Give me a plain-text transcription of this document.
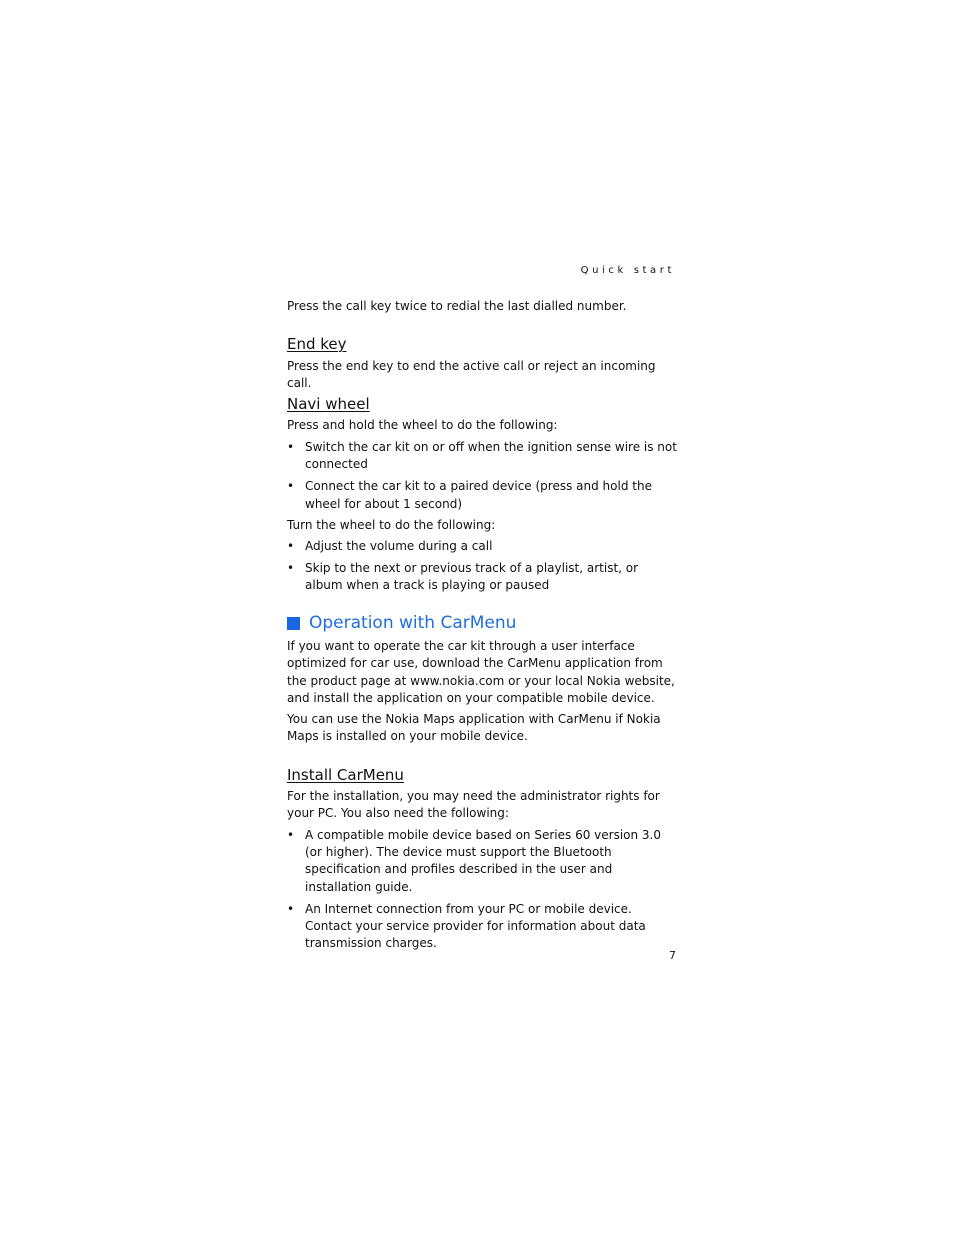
Quick start

Press the call key twice to redial the last dialled number.

End key

Press the end key to end the active call or reject an incoming call.

Navi wheel

Press and hold the wheel to do the following:

• Switch the car kit on or off when the ignition sense wire is not connected
• Connect the car kit to a paired device (press and hold the wheel for about 1 second)

Turn the wheel to do the following:

• Adjust the volume during a call
• Skip to the next or previous track of a playlist, artist, or album when a track is playing or paused
Operation with CarMenu

If you want to operate the car kit through a user interface optimized for car use, download the CarMenu application from the product page at www.nokia.com or your local Nokia website, and install the application on your compatible mobile device.

You can use the Nokia Maps application with CarMenu if Nokia Maps is installed on your mobile device.

Install CarMenu

For the installation, you may need the administrator rights for your PC. You also need the following:

• A compatible mobile device based on Series 60 version 3.0 (or higher). The device must support the Bluetooth specification and profiles described in the user and installation guide.
• An Internet connection from your PC or mobile device. Contact your service provider for information about data transmission charges.
7
